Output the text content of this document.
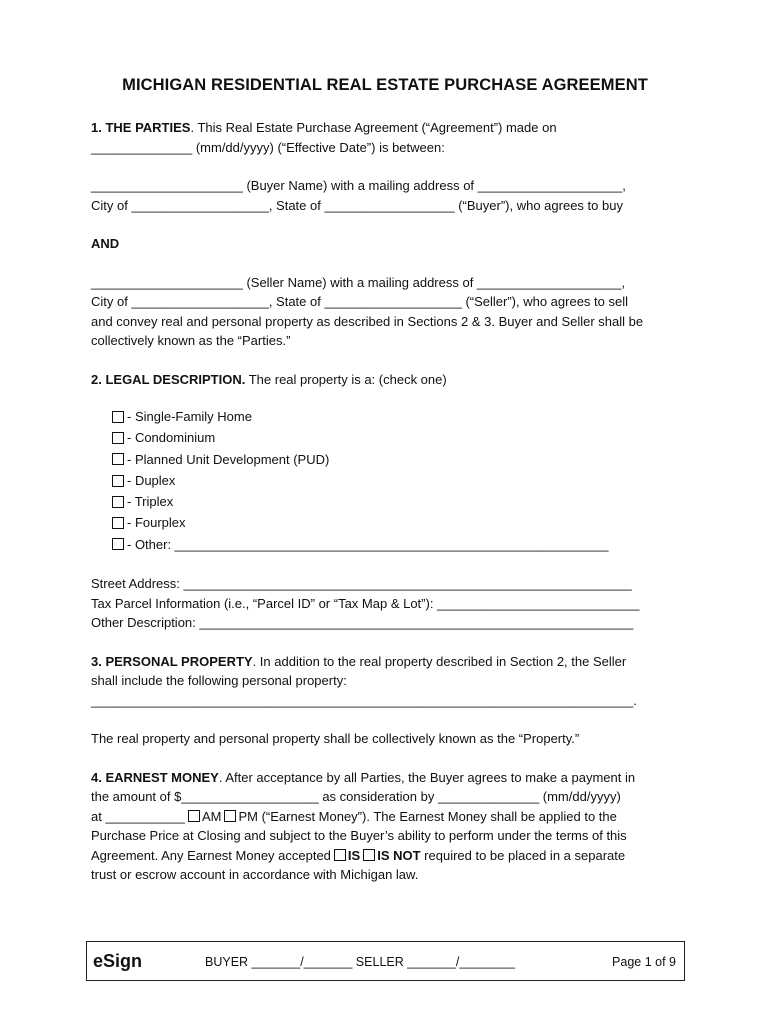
MICHIGAN RESIDENTIAL REAL ESTATE PURCHASE AGREEMENT

1. THE PARTIES. This Real Estate Purchase Agreement (“Agreement”) made on

______________ (mm/dd/yyyy) (“Effective Date”) is between:

_____________________ (Buyer Name) with a mailing address of ____________________,

City of ___________________, State of __________________ (“Buyer”), who agrees to buy

AND

_____________________ (Seller Name) with a mailing address of ____________________,

City of ___________________, State of ___________________ (“Seller”), who agrees to sell

and convey real and personal property as described in Sections 2 & 3. Buyer and Seller shall be

collectively known as the “Parties.”

2. LEGAL DESCRIPTION. The real property is a: (check one)

- Single-Family Home
- Condominium
- Planned Unit Development (PUD)
- Duplex
- Triplex
- Fourplex
- Other: ____________________________________________________________

Street Address: ______________________________________________________________

Tax Parcel Information (i.e., “Parcel ID” or “Tax Map & Lot”): ____________________________

Other Description: ____________________________________________________________

3. PERSONAL PROPERTY. In addition to the real property described in Section 2, the Seller

shall include the following personal property:

___________________________________________________________________________.

The real property and personal property shall be collectively known as the “Property.”

4. EARNEST MONEY. After acceptance by all Parties, the Buyer agrees to make a payment in

the amount of $___________________ as consideration by ______________ (mm/dd/yyyy)

at ___________ AM PM (“Earnest Money”). The Earnest Money shall be applied to the

Purchase Price at Closing and subject to the Buyer’s ability to perform under the terms of this

Agreement. Any Earnest Money accepted IS IS NOT required to be placed in a separate

trust or escrow account in accordance with Michigan law.

eSign	BUYER _______/_______ SELLER _______/________	Page 1 of 9
